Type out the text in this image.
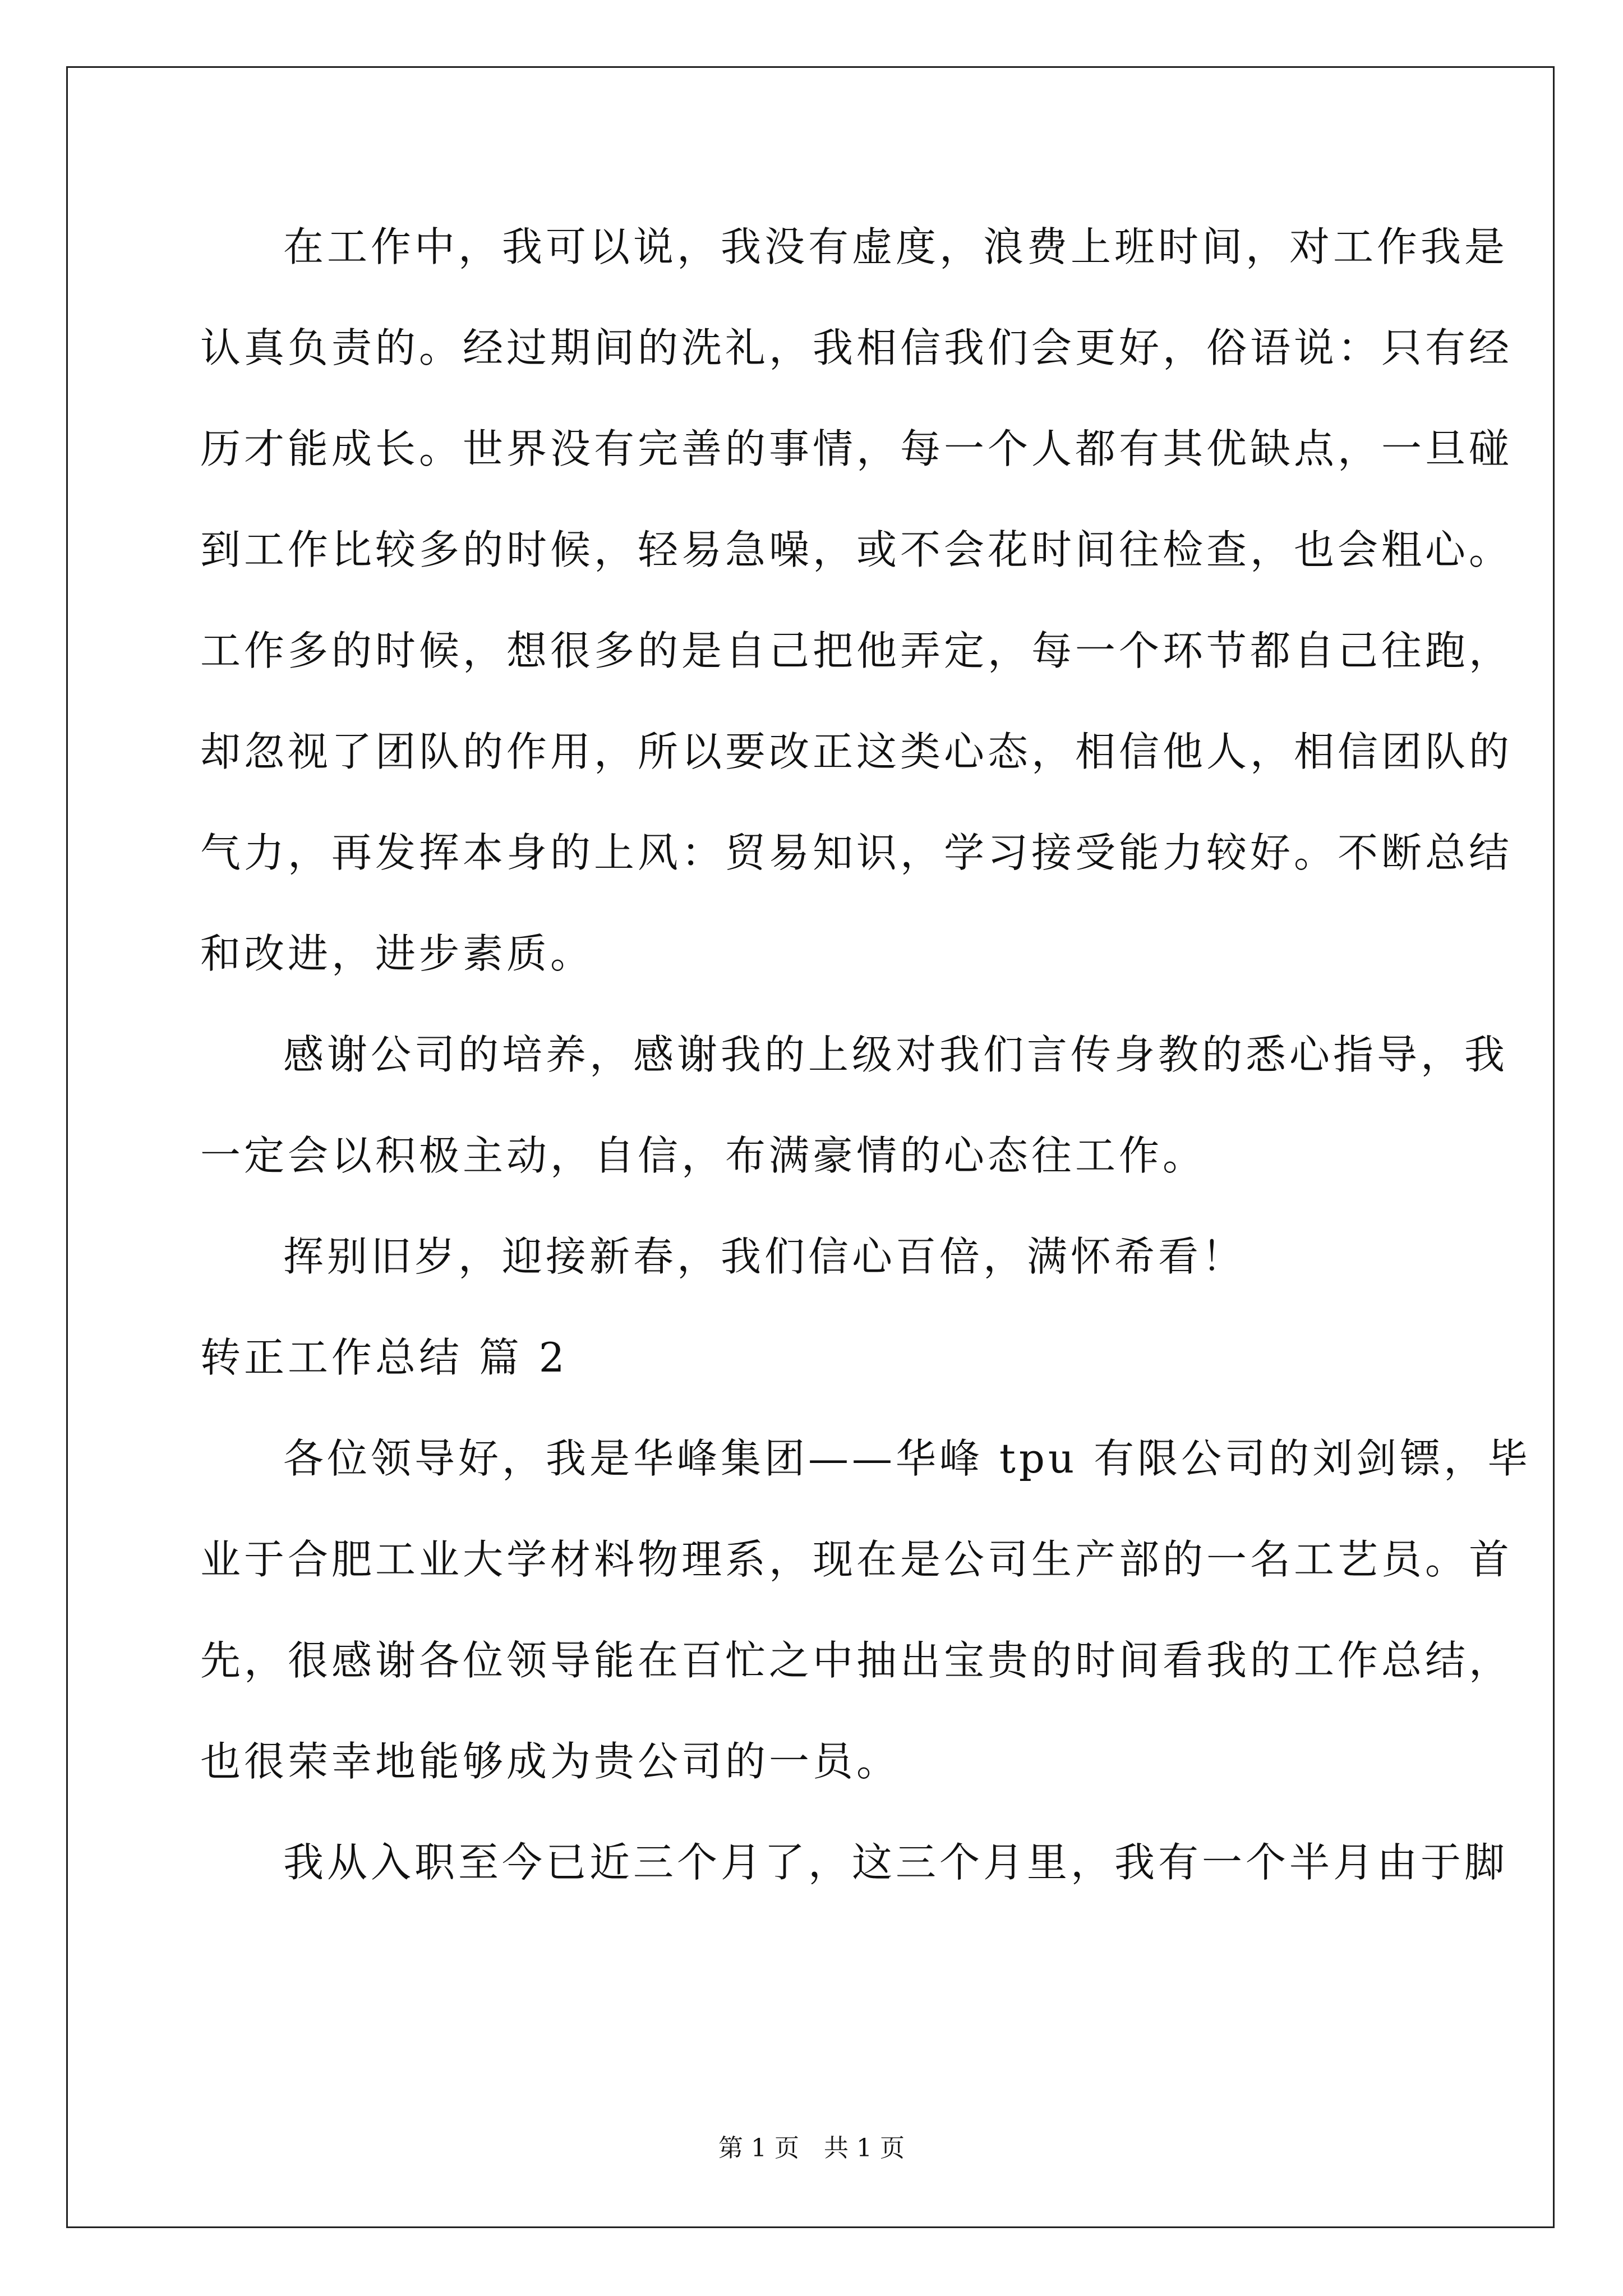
在工作中，我可以说，我没有虚度，浪费上班时间，对工作我是
认真负责的。经过期间的洗礼，我相信我们会更好，俗语说：只有经
历才能成长。世界没有完善的事情，每一个人都有其优缺点，一旦碰
到工作比较多的时候，轻易急噪，或不会花时间往检查，也会粗心。
工作多的时候，想很多的是自己把他弄定，每一个环节都自己往跑，
却忽视了团队的作用，所以要改正这类心态，相信他人，相信团队的
气力，再发挥本身的上风：贸易知识，学习接受能力较好。不断总结
和改进，进步素质。
感谢公司的培养，感谢我的上级对我们言传身教的悉心指导，我
一定会以积极主动，自信，布满豪情的心态往工作。
挥别旧岁，迎接新春，我们信心百倍，满怀希看！
转正工作总结 篇 2
各位领导好，我是华峰集团——华峰 tpu 有限公司的刘剑镖，毕
业于合肥工业大学材料物理系，现在是公司生产部的一名工艺员。首
先，很感谢各位领导能在百忙之中抽出宝贵的时间看我的工作总结，
也很荣幸地能够成为贵公司的一员。
我从入职至今已近三个月了，这三个月里，我有一个半月由于脚
第 1 页　共 1 页
